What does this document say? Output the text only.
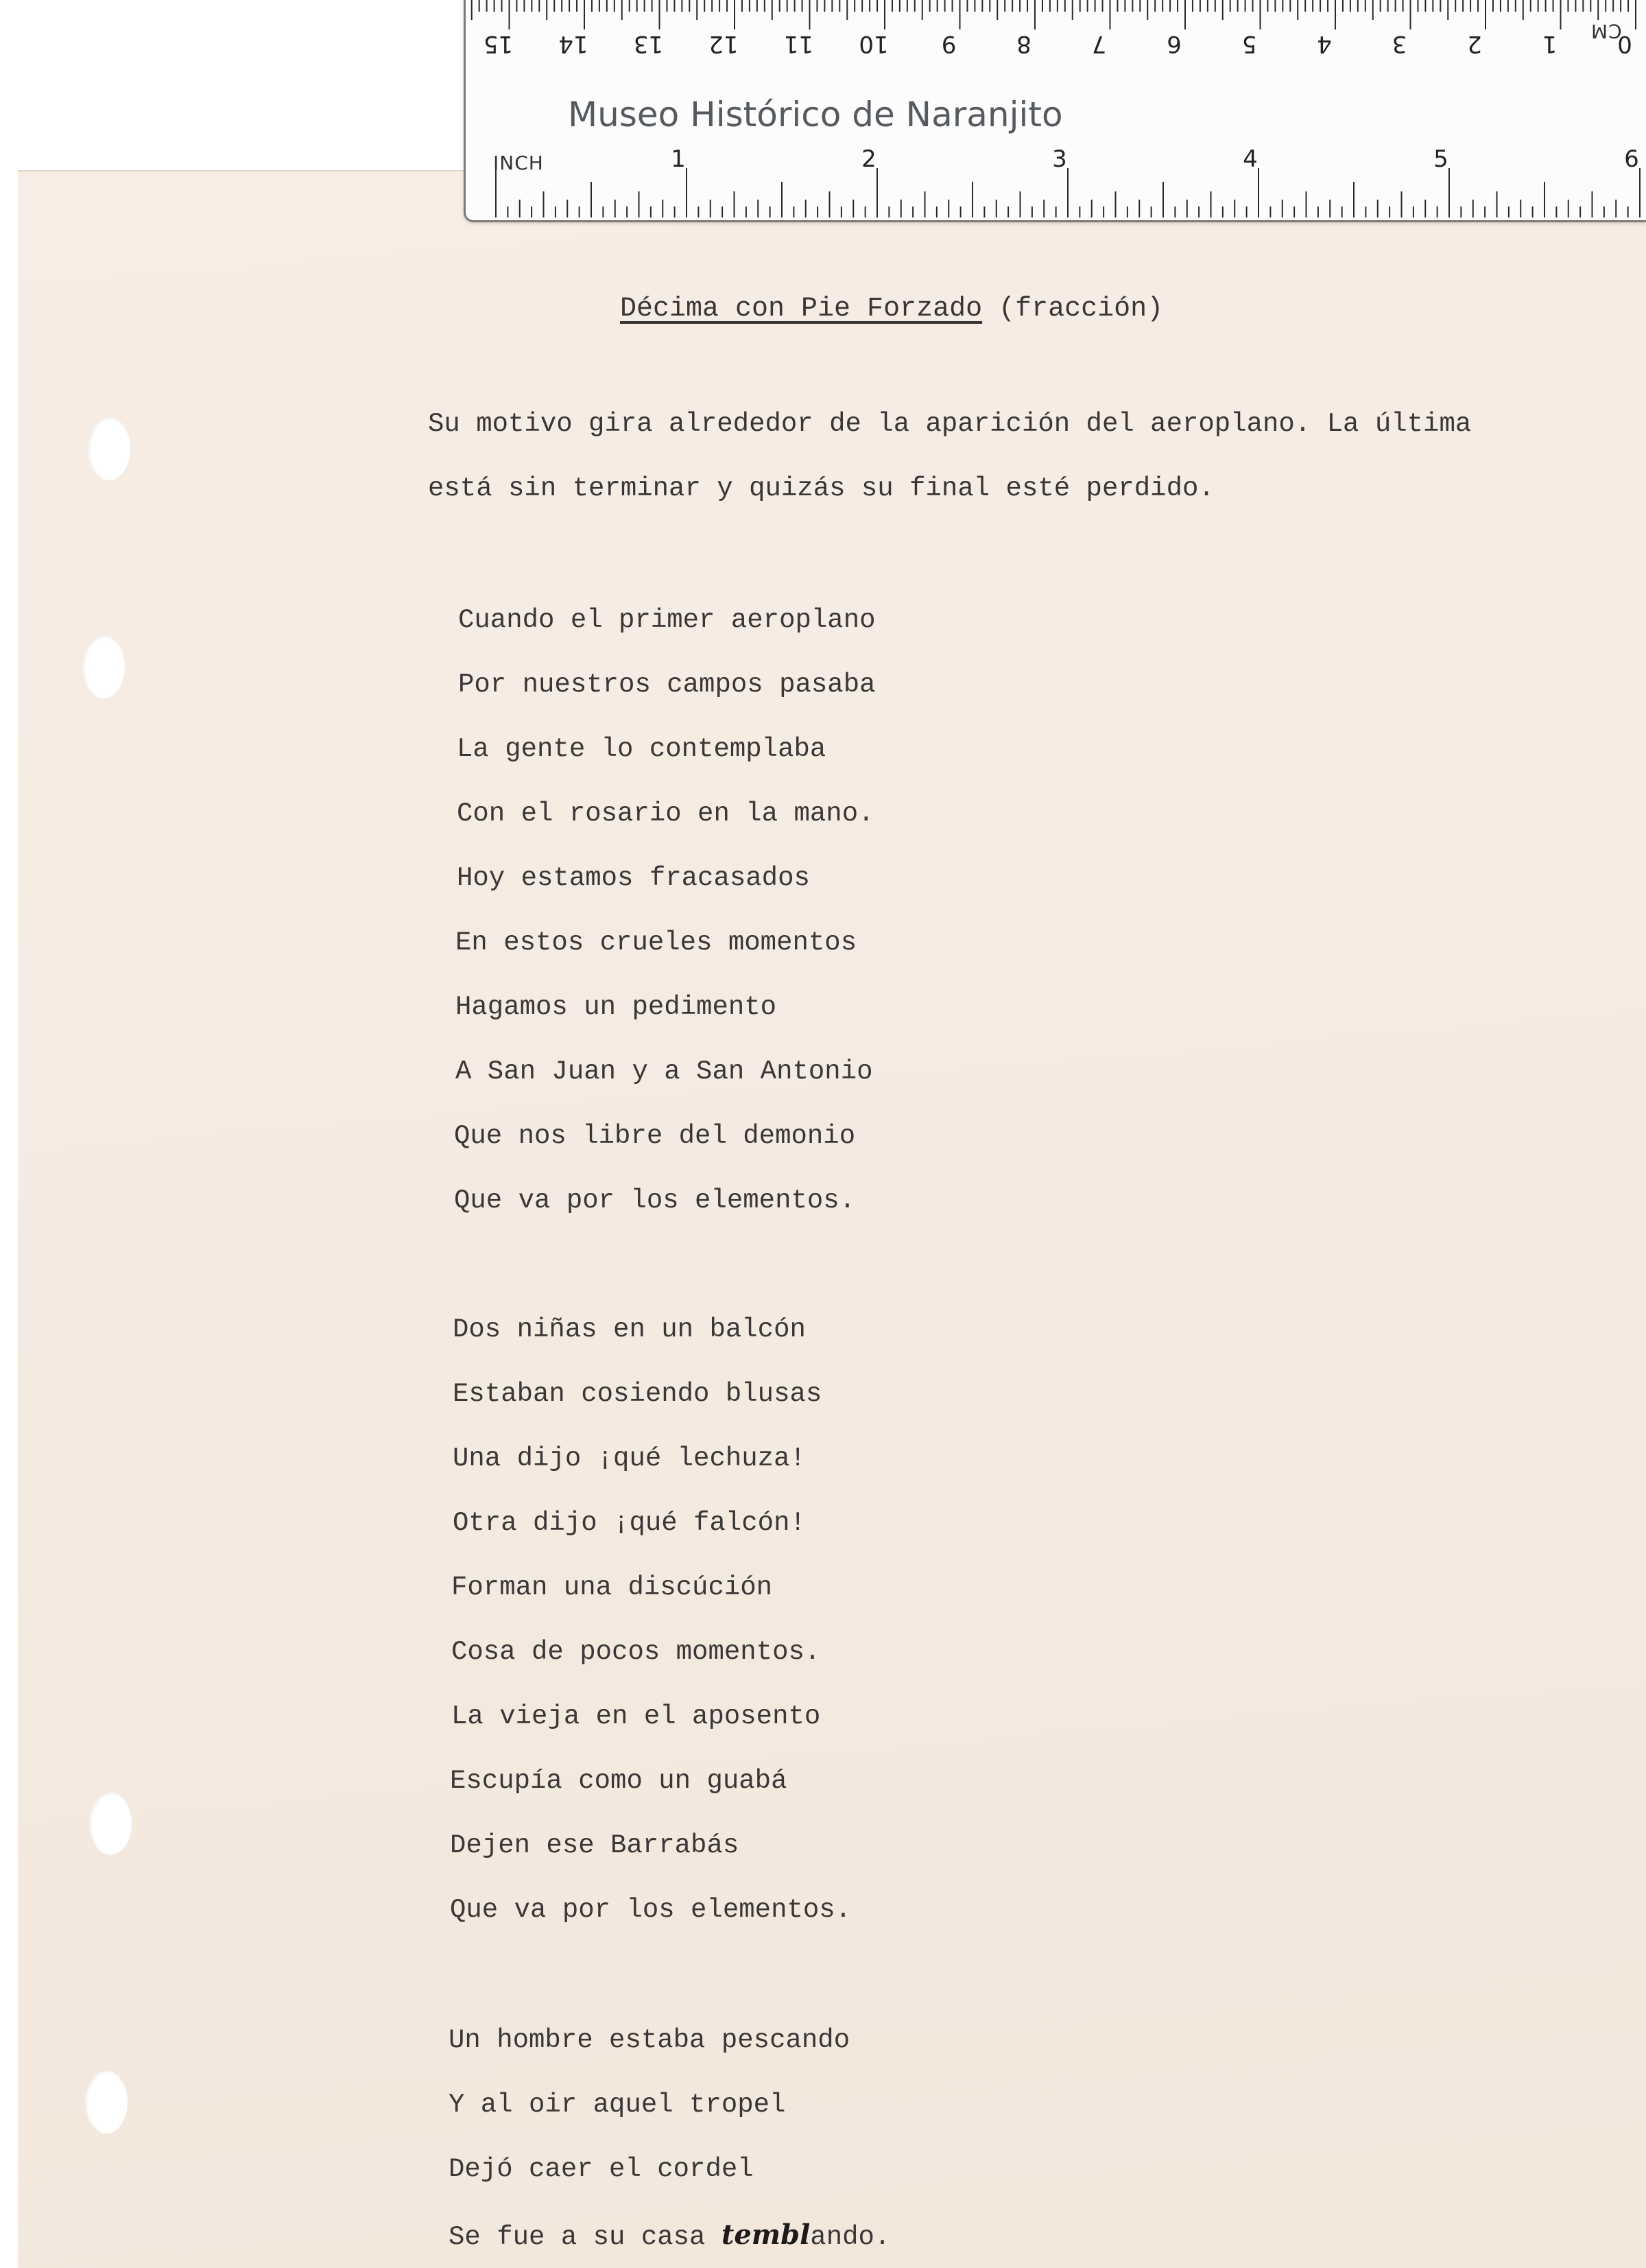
0
1
2
3
4
5
6
7
8
9
10
11
12
13
14
15
1	2	3	4	5	6
CM
INCH
Museo Histórico de Naranjito
Décima con Pie Forzado (fracción)
Su motivo gira alrededor de la aparición del aeroplano. La última
está sin terminar y quizás su final esté perdido.
Cuando el primer aeroplano
Por nuestros campos pasaba
La gente lo contemplaba
Con el rosario en la mano.
Hoy estamos fracasados
En estos crueles momentos
Hagamos un pedimento
A San Juan y a San Antonio
Que nos libre del demonio
Que va por los elementos.
Dos niñas en un balcón
Estaban cosiendo blusas
Una dijo ¡qué lechuza!
Otra dijo ¡qué falcón!
Forman una discúción
Cosa de pocos momentos.
La vieja en el aposento
Escupía como un guabá
Dejen ese Barrabás
Que va por los elementos.
Un hombre estaba pescando
Y al oir aquel tropel
Dejó caer el cordel
Se fue a su casa temblando.
